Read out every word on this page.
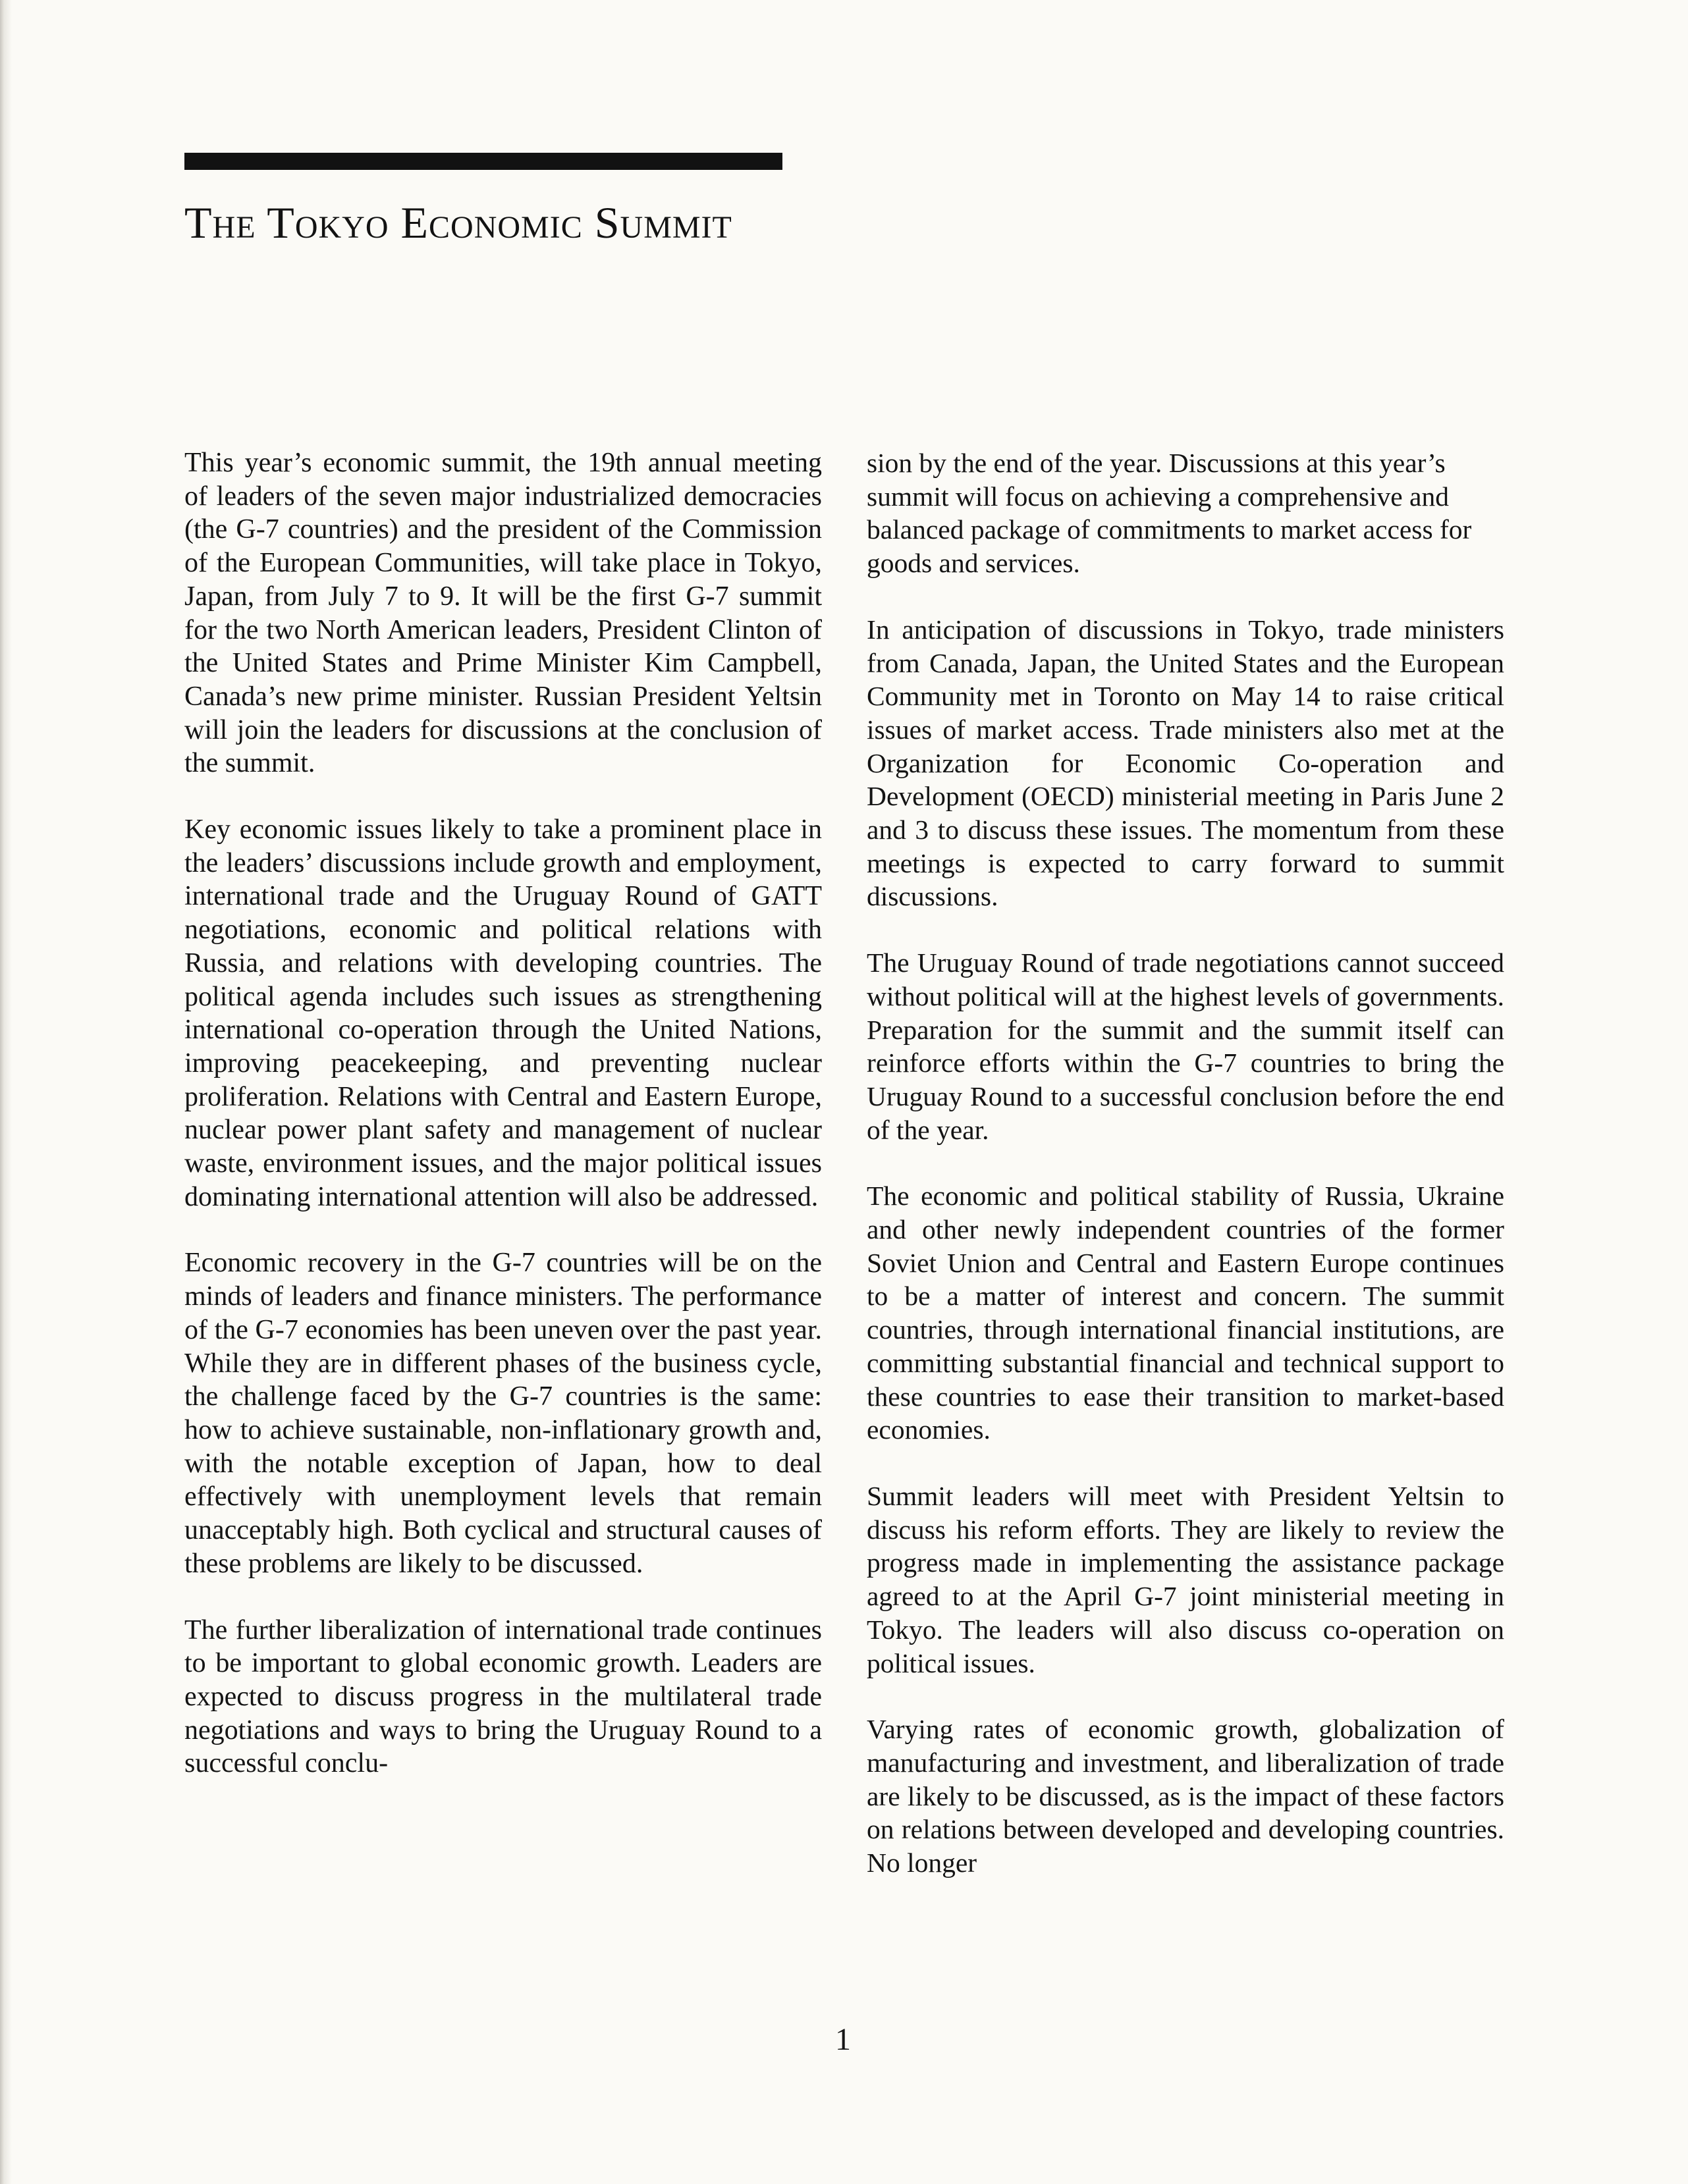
The Tokyo Economic Summit

This year’s economic summit, the 19th annual meeting of leaders of the seven major industrialized democracies (the G-7 countries) and the president of the Commission of the European Communities, will take place in Tokyo, Japan, from July 7 to 9. It will be the first G-7 summit for the two North American leaders, President Clinton of the United States and Prime Minister Kim Campbell, Canada’s new prime minister. Russian President Yeltsin will join the leaders for discussions at the conclusion of the summit.

Key economic issues likely to take a prominent place in the leaders’ discussions include growth and employment, international trade and the Uruguay Round of GATT negotiations, economic and political relations with Russia, and relations with developing countries. The political agenda includes such issues as strengthening international co-operation through the United Nations, improving peacekeeping, and preventing nuclear proliferation. Relations with Central and Eastern Europe, nuclear power plant safety and management of nuclear waste, environment issues, and the major political issues dominating international attention will also be addressed.

Economic recovery in the G-7 countries will be on the minds of leaders and finance ministers. The performance of the G-7 economies has been uneven over the past year. While they are in different phases of the business cycle, the challenge faced by the G-7 countries is the same: how to achieve sustainable, non-inflationary growth and, with the notable exception of Japan, how to deal effectively with unemployment levels that remain unacceptably high. Both cyclical and structural causes of these problems are likely to be discussed.

The further liberalization of international trade continues to be important to global economic growth. Leaders are expected to discuss progress in the multilateral trade negotiations and ways to bring the Uruguay Round to a successful conclu-

sion by the end of the year. Discussions at this year’s summit will focus on achieving a comprehensive and balanced package of commitments to market access for goods and services.

In anticipation of discussions in Tokyo, trade ministers from Canada, Japan, the United States and the European Community met in Toronto on May 14 to raise critical issues of market access. Trade ministers also met at the Organization for Economic Co-operation and Development (OECD) ministerial meeting in Paris June 2 and 3 to discuss these issues. The momentum from these meetings is expected to carry forward to summit discussions.

The Uruguay Round of trade negotiations cannot succeed without political will at the highest levels of governments. Preparation for the summit and the summit itself can reinforce efforts within the G-7 countries to bring the Uruguay Round to a successful conclusion before the end of the year.

The economic and political stability of Russia, Ukraine and other newly independent countries of the former Soviet Union and Central and Eastern Europe continues to be a matter of interest and concern. The summit countries, through international financial institutions, are committing substantial financial and technical support to these countries to ease their transition to market-based economies.

Summit leaders will meet with President Yeltsin to discuss his reform efforts. They are likely to review the progress made in implementing the assistance package agreed to at the April G-7 joint ministerial meeting in Tokyo. The leaders will also discuss co-operation on political issues.

Varying rates of economic growth, globalization of manufacturing and investment, and liberalization of trade are likely to be discussed, as is the impact of these factors on relations between developed and developing countries. No longer

1
